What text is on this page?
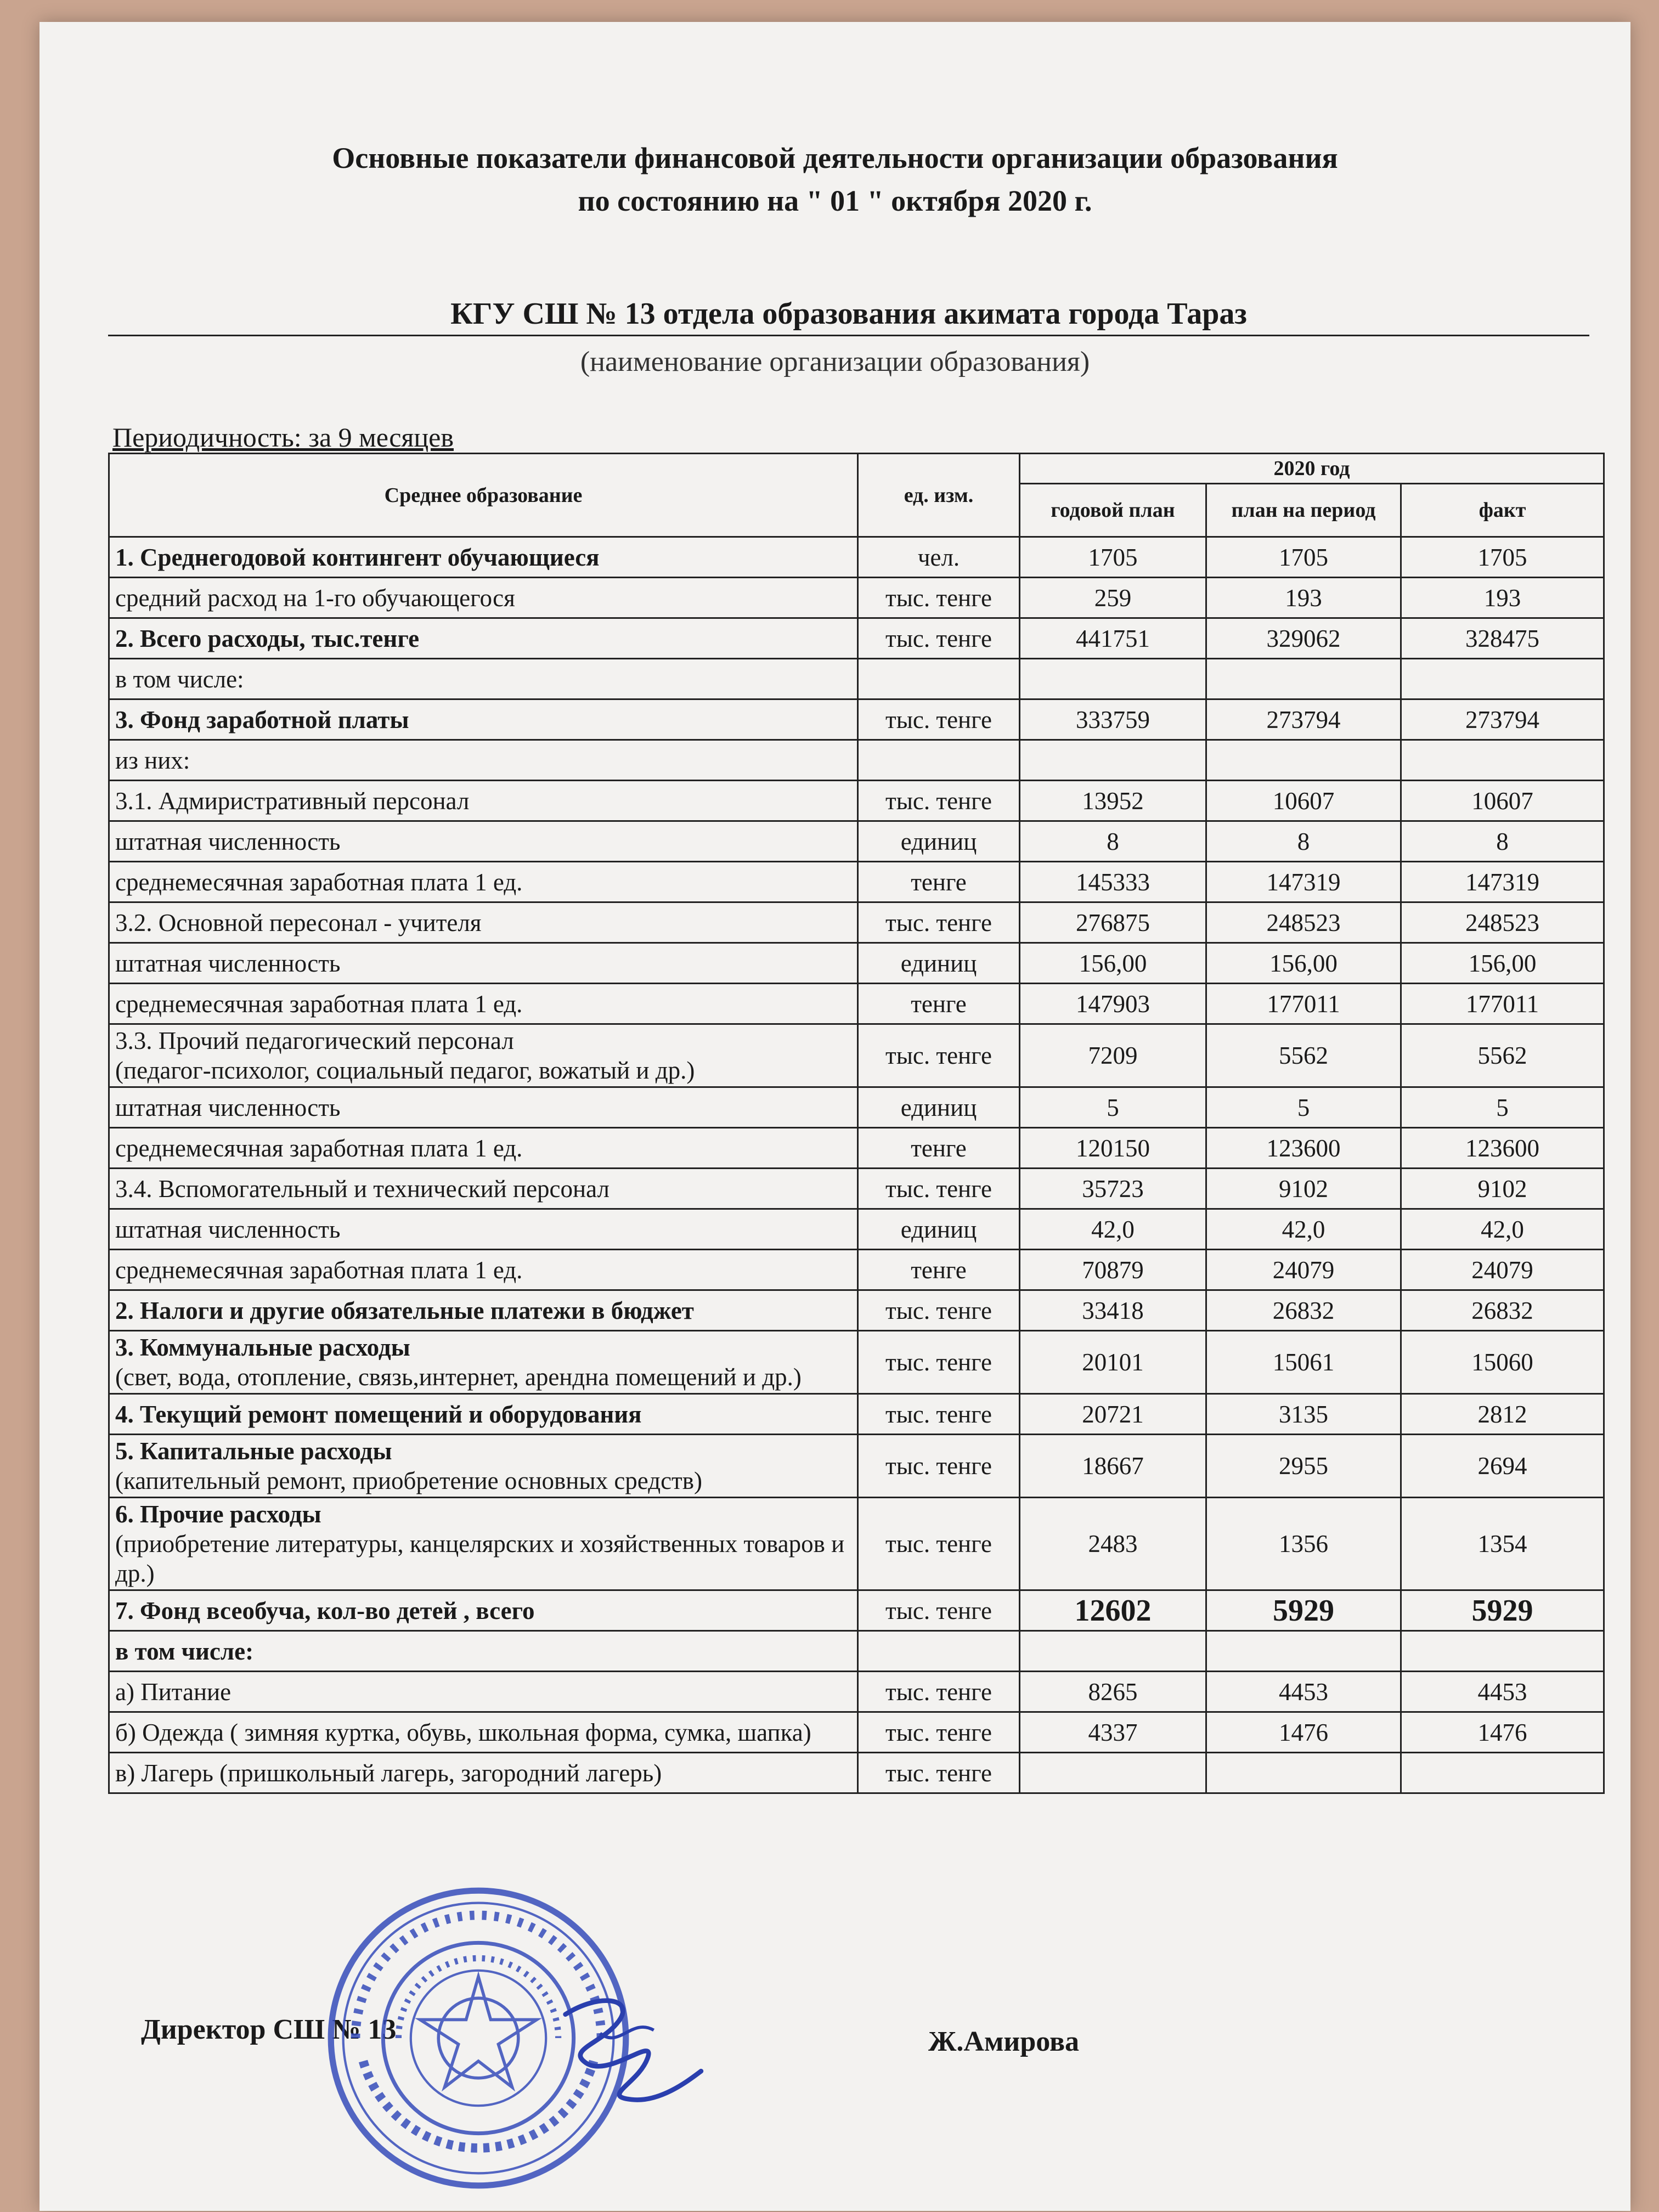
Основные показатели финансовой деятельности организации образования
по состоянию на " 01 " октября 2020 г.
КГУ СШ № 13 отдела образования акимата города Тараз
(наименование организации образования)
Периодичность: за 9 месяцев
Среднее образование	ед. изм.	2020 год		
		годовой план	план на период	факт
1. Среднегодовой контингент обучающиеся	чел.	1705	1705	1705
средний расход на 1-го обучающегося	тыс. тенге	259	193	193
2. Всего расходы, тыс.тенге	тыс. тенге	441751	329062	328475
в том числе:				
3. Фонд заработной платы	тыс. тенге	333759	273794	273794
из них:				
3.1. Адмиристративный персонал	тыс. тенге	13952	10607	10607
штатная численность	единиц	8	8	8
среднемесячная заработная плата 1 ед.	тенге	145333	147319	147319
3.2. Основной пересонал - учителя	тыс. тенге	276875	248523	248523
штатная численность	единиц	156,00	156,00	156,00
среднемесячная заработная плата 1 ед.	тенге	147903	177011	177011
3.3. Прочий педагогический персонал
(педагог-психолог, социальный педагог, вожатый и др.)	тыс. тенге	7209	5562	5562
штатная численность	единиц	5	5	5
среднемесячная заработная плата 1 ед.	тенге	120150	123600	123600
3.4. Вспомогательный и технический персонал	тыс. тенге	35723	9102	9102
штатная численность	единиц	42,0	42,0	42,0
среднемесячная заработная плата 1 ед.	тенге	70879	24079	24079
2. Налоги и другие обязательные платежи в бюджет	тыс. тенге	33418	26832	26832
3. Коммунальные расходы
(свет, вода, отопление, связь,интернет, арендна помещений и др.)	тыс. тенге	20101	15061	15060
4. Текущий ремонт помещений и оборудования	тыс. тенге	20721	3135	2812
5. Капитальные расходы
(капительный ремонт, приобретение основных средств)	тыс. тенге	18667	2955	2694
6. Прочие расходы
(приобретение литературы, канцелярских и хозяйственных товаров и др.)	тыс. тенге	2483	1356	1354
7. Фонд всеобуча, кол-во детей , всего	тыс. тенге	12602	5929	5929
в том числе:				
а) Питание	тыс. тенге	8265	4453	4453
б) Одежда ( зимняя куртка, обувь, школьная форма, сумка, шапка)	тыс. тенге	4337	1476	1476
в) Лагерь (пришкольный лагерь, загородний лагерь)	тыс. тенге			
Директор СШ № 13	Ж.Амирова
